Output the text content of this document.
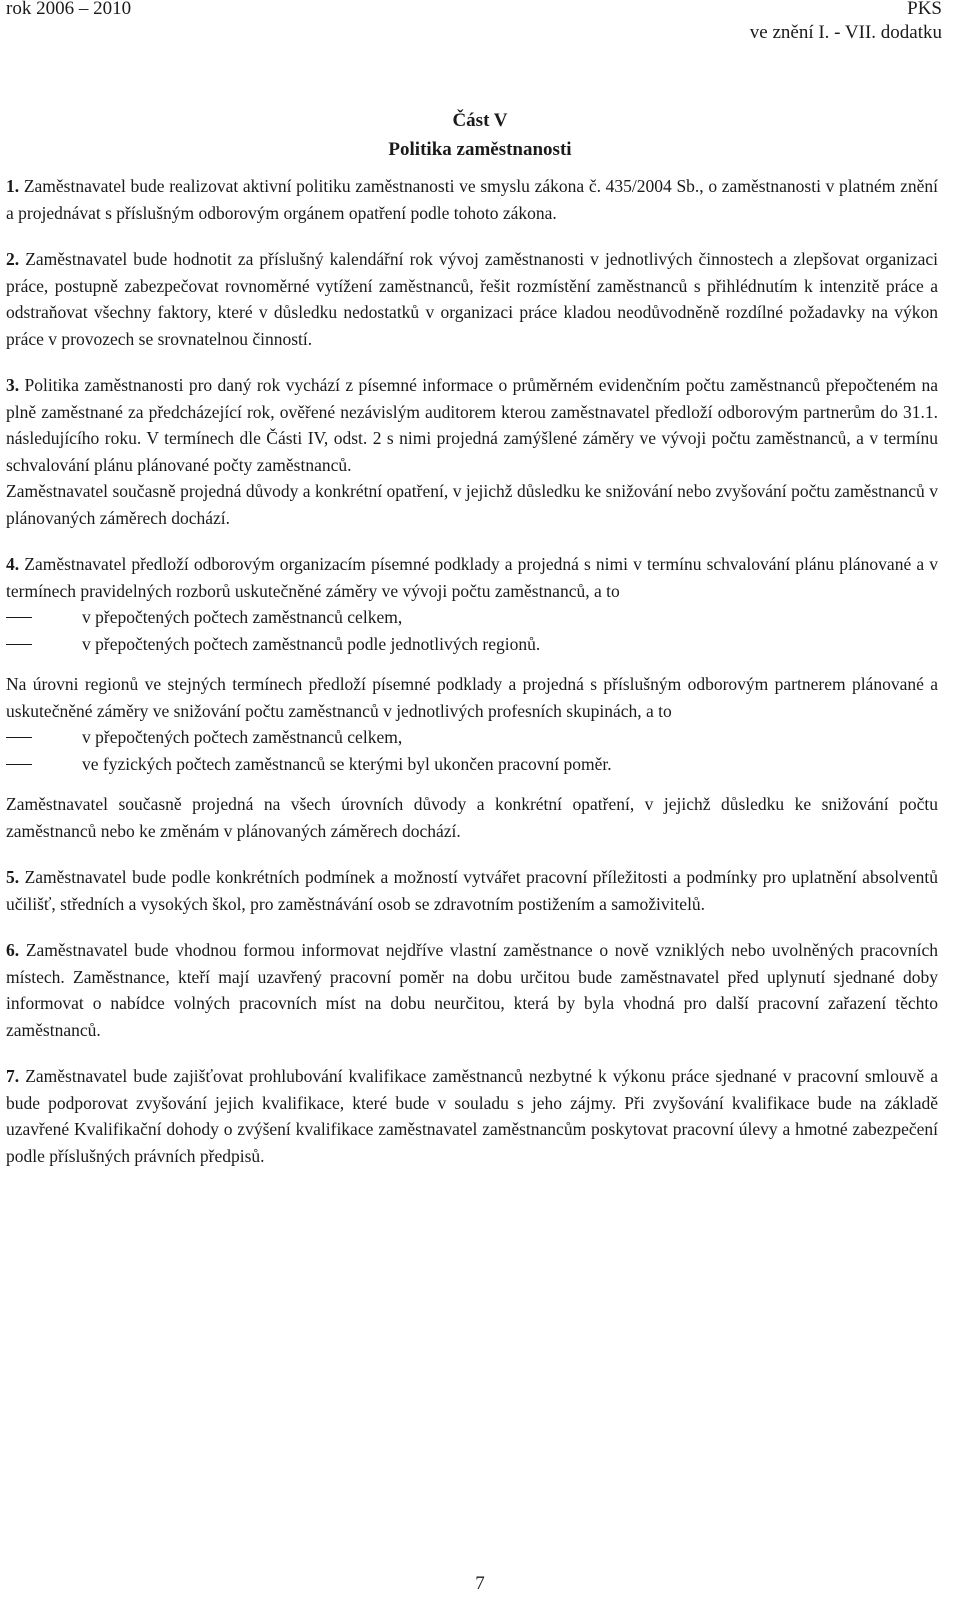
rok 2006 – 2010	PKS
ve znění I. - VII. dodatku
Část V
Politika zaměstnanosti

1. Zaměstnavatel bude realizovat aktivní politiku zaměstnanosti ve smyslu zákona č. 435/2004 Sb., o zaměstnanosti v platném znění a projednávat s příslušným odborovým orgánem opatření podle tohoto zákona.

2. Zaměstnavatel bude hodnotit za příslušný kalendářní rok vývoj zaměstnanosti v jednotlivých činnostech a zlepšovat organizaci práce, postupně zabezpečovat rovnoměrné vytížení zaměstnanců, řešit rozmístění zaměstnanců s přihlédnutím k intenzitě práce a odstraňovat všechny faktory, které v důsledku nedostatků v organizaci práce kladou neodůvodněně rozdílné požadavky na výkon práce v provozech se srovnatelnou činností.

3. Politika zaměstnanosti pro daný rok vychází z písemné informace o průměrném evidenčním počtu zaměstnanců přepočteném na plně zaměstnané za předcházející rok, ověřené nezávislým auditorem kterou zaměstnavatel předloží odborovým partnerům do 31.1. následujícího roku. V termínech dle Části IV, odst. 2 s nimi projedná zamýšlené záměry ve vývoji počtu zaměstnanců, a v termínu schvalování plánu plánované počty zaměstnanců.

Zaměstnavatel současně projedná důvody a konkrétní opatření, v jejichž důsledku ke snižování nebo zvyšování počtu zaměstnanců v plánovaných záměrech dochází.

4. Zaměstnavatel předloží odborovým organizacím písemné podklady a projedná s nimi v termínu schvalování plánu plánované a v termínech pravidelných rozborů uskutečněné záměry ve vývoji počtu zaměstnanců, a to

v přepočtených počtech zaměstnanců celkem,
v přepočtených počtech zaměstnanců podle jednotlivých regionů.

Na úrovni regionů ve stejných termínech předloží písemné podklady a projedná s příslušným odborovým partnerem plánované a uskutečněné záměry ve snižování počtu zaměstnanců v jednotlivých profesních skupinách, a to

v přepočtených počtech zaměstnanců celkem,
ve fyzických počtech zaměstnanců se kterými byl ukončen pracovní poměr.

Zaměstnavatel současně projedná na všech úrovních důvody a konkrétní opatření, v jejichž důsledku ke snižování počtu zaměstnanců nebo ke změnám v plánovaných záměrech dochází.

5. Zaměstnavatel bude podle konkrétních podmínek a možností vytvářet pracovní příležitosti a podmínky pro uplatnění absolventů učilišť, středních a vysokých škol, pro zaměstnávání osob se zdravotním postižením a samoživitelů.

6. Zaměstnavatel bude vhodnou formou informovat nejdříve vlastní zaměstnance o nově vzniklých nebo uvolněných pracovních místech. Zaměstnance, kteří mají uzavřený pracovní poměr na dobu určitou bude zaměstnavatel před uplynutí sjednané doby informovat o nabídce volných pracovních míst na dobu neurčitou, která by byla vhodná pro další pracovní zařazení těchto zaměstnanců.

7. Zaměstnavatel bude zajišťovat prohlubování kvalifikace zaměstnanců nezbytné k výkonu práce sjednané v pracovní smlouvě a bude podporovat zvyšování jejich kvalifikace, které bude v souladu s jeho zájmy. Při zvyšování kvalifikace bude na základě uzavřené Kvalifikační dohody o zvýšení kvalifikace zaměstnavatel zaměstnancům poskytovat pracovní úlevy a hmotné zabezpečení podle příslušných právních předpisů.

7
